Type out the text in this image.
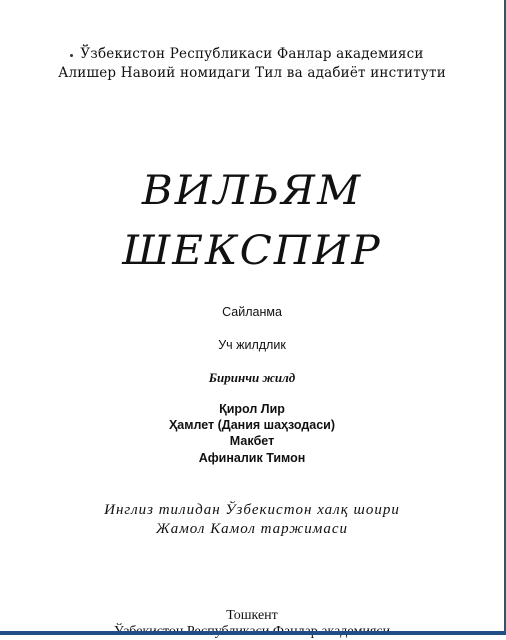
Ўзбекистон Республикаси Фанлар академияси
Алишер Навоий номидаги Тил ва адабиёт институти
ВИЛЬЯМ
ШЕКСПИР
Сайланма
Уч жилдлик
Биринчи жилд
Қирол Лир
Ҳамлет (Дания шаҳзодаси)
Макбет
Афиналик Тимон
Инглиз тилидан Ўзбекистон халқ шоири
Жамол Камол таржимаси
Тошкент
